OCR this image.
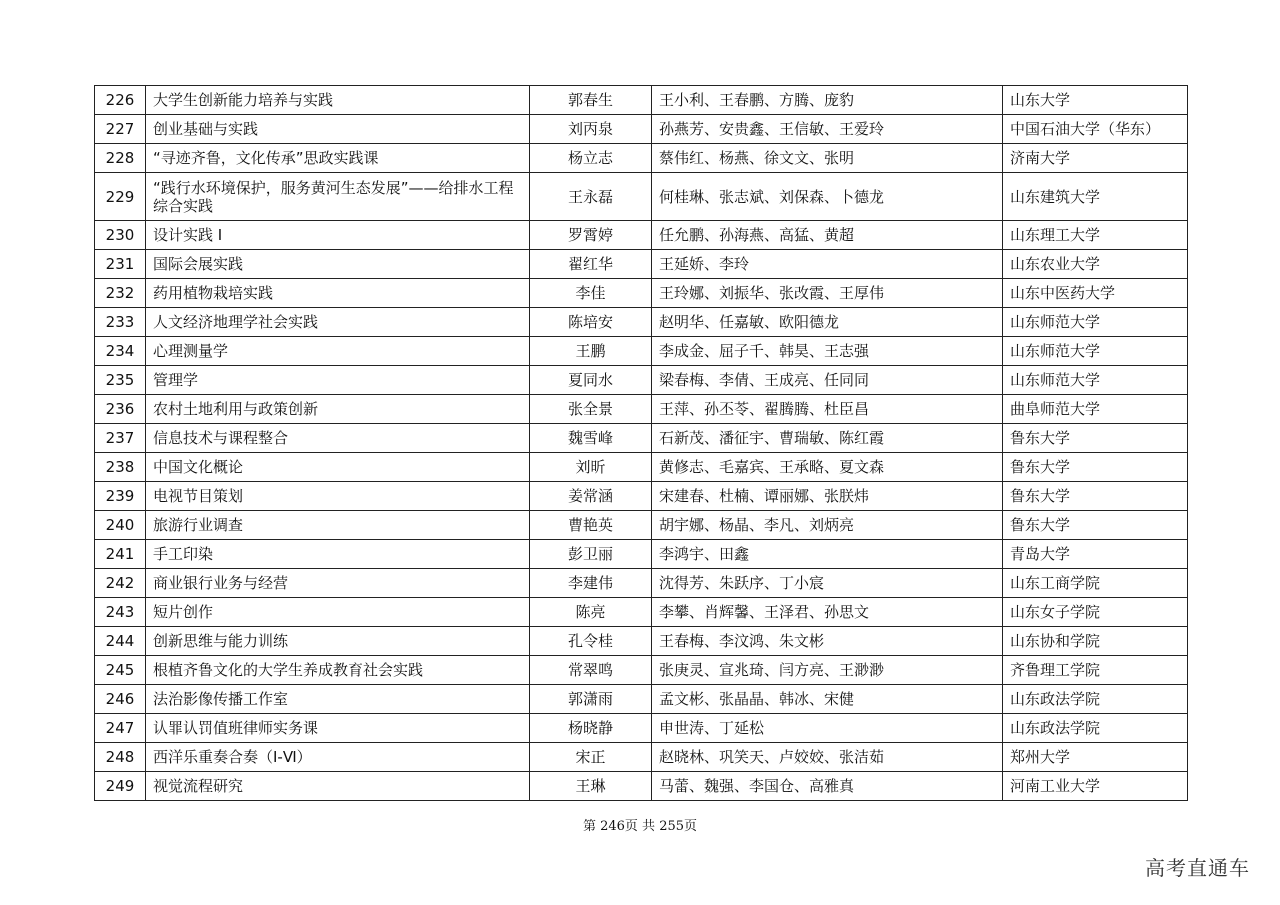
226	大学生创新能力培养与实践	郭春生	王小利、王春鹏、方腾、庞豹	山东大学
227	创业基础与实践	刘丙泉	孙燕芳、安贵鑫、王信敏、王爱玲	中国石油大学（华东）
228	“寻迹齐鲁，文化传承”思政实践课	杨立志	蔡伟红、杨燕、徐文文、张明	济南大学
229	“践行水环境保护，服务黄河生态发展”——给排水工程综合实践	王永磊	何桂琳、张志斌、刘保森、卜德龙	山东建筑大学
230	设计实践 I	罗霄婷	任允鹏、孙海燕、高猛、黄超	山东理工大学
231	国际会展实践	翟红华	王延娇、李玲	山东农业大学
232	药用植物栽培实践	李佳	王玲娜、刘振华、张改霞、王厚伟	山东中医药大学
233	人文经济地理学社会实践	陈培安	赵明华、任嘉敏、欧阳德龙	山东师范大学
234	心理测量学	王鹏	李成金、屈子千、韩昊、王志强	山东师范大学
235	管理学	夏同水	梁春梅、李倩、王成亮、任同同	山东师范大学
236	农村土地利用与政策创新	张全景	王萍、孙丕苓、翟腾腾、杜臣昌	曲阜师范大学
237	信息技术与课程整合	魏雪峰	石新茂、潘征宇、曹瑞敏、陈红霞	鲁东大学
238	中国文化概论	刘昕	黄修志、毛嘉宾、王承略、夏文森	鲁东大学
239	电视节目策划	姜常涵	宋建春、杜楠、谭丽娜、张朕炜	鲁东大学
240	旅游行业调查	曹艳英	胡宇娜、杨晶、李凡、刘炳亮	鲁东大学
241	手工印染	彭卫丽	李鸿宇、田鑫	青岛大学
242	商业银行业务与经营	李建伟	沈得芳、朱跃序、丁小宸	山东工商学院
243	短片创作	陈亮	李攀、肖辉馨、王泽君、孙思文	山东女子学院
244	创新思维与能力训练	孔令桂	王春梅、李汶鸿、朱文彬	山东协和学院
245	根植齐鲁文化的大学生养成教育社会实践	常翠鸣	张庚灵、宣兆琦、闫方亮、王渺渺	齐鲁理工学院
246	法治影像传播工作室	郭潇雨	孟文彬、张晶晶、韩冰、宋健	山东政法学院
247	认罪认罚值班律师实务课	杨晓静	申世涛、丁延松	山东政法学院
248	西洋乐重奏合奏（Ⅰ-Ⅵ）	宋正	赵晓林、巩笑天、卢姣姣、张洁茹	郑州大学
249	视觉流程研究	王琳	马蕾、魏强、李国仓、高雅真	河南工业大学
第 246页 共 255页
高考直通车
